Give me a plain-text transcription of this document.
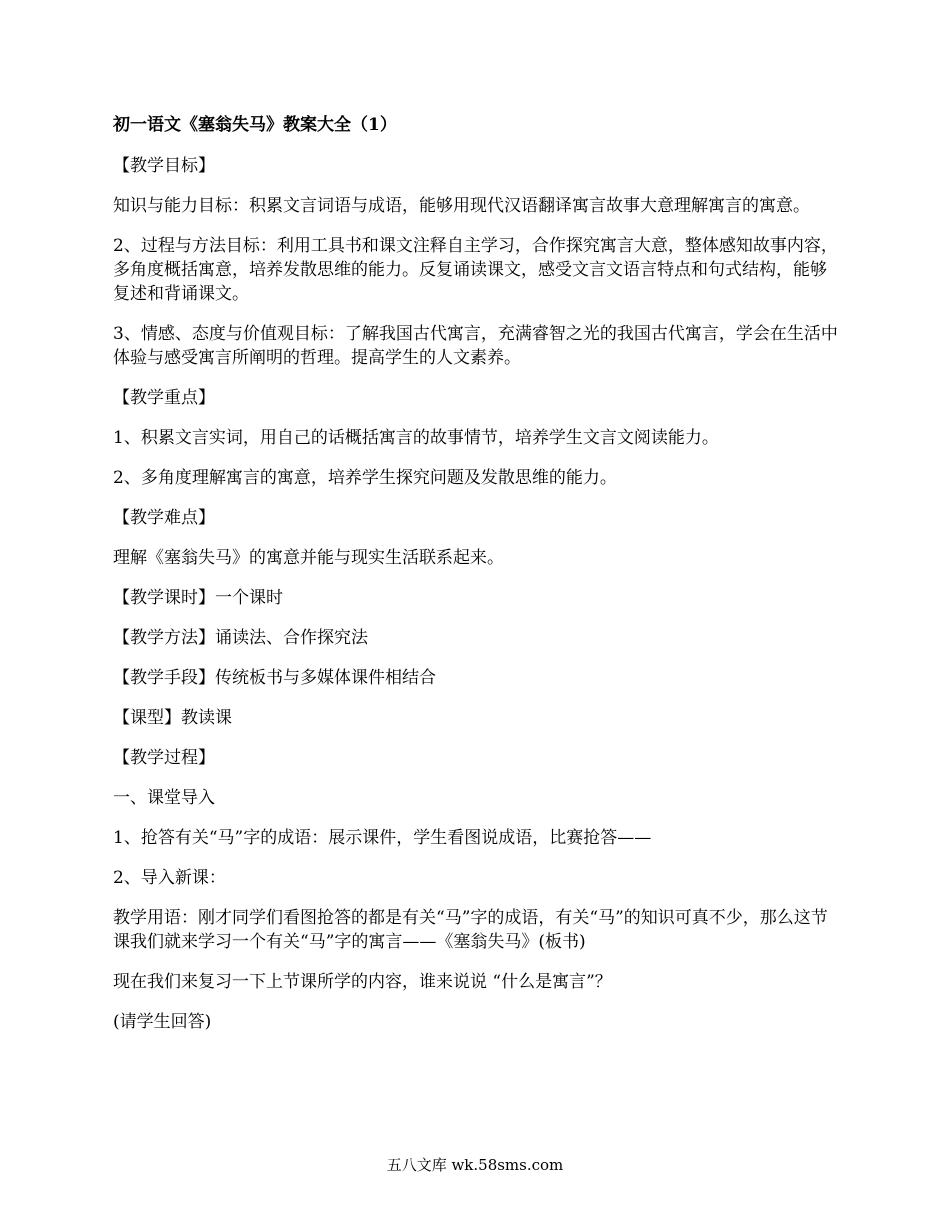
初一语文《塞翁失马》教案大全（1）

【教学目标】

知识与能力目标：积累文言词语与成语，能够用现代汉语翻译寓言故事大意理解寓言的寓意。

2、过程与方法目标：利用工具书和课文注释自主学习，合作探究寓言大意，整体感知故事内容，多角度概括寓意，培养发散思维的能力。反复诵读课文，感受文言文语言特点和句式结构，能够复述和背诵课文。

3、情感、态度与价值观目标：了解我国古代寓言，充满睿智之光的我国古代寓言，学会在生活中体验与感受寓言所阐明的哲理。提高学生的人文素养。

【教学重点】

1、积累文言实词，用自己的话概括寓言的故事情节，培养学生文言文阅读能力。

2、多角度理解寓言的寓意，培养学生探究问题及发散思维的能力。

【教学难点】

理解《塞翁失马》的寓意并能与现实生活联系起来。

【教学课时】一个课时

【教学方法】诵读法、合作探究法

【教学手段】传统板书与多媒体课件相结合

【课型】教读课

【教学过程】

一、课堂导入

1、抢答有关“马”字的成语：展示课件，学生看图说成语，比赛抢答——

2、导入新课：

教学用语：刚才同学们看图抢答的都是有关“马”字的成语，有关“马”的知识可真不少，那么这节课我们就来学习一个有关“马”字的寓言——《塞翁失马》(板书)

现在我们来复习一下上节课所学的内容，谁来说说 “什么是寓言”？

(请学生回答)

五八文库 wk.58sms.com
